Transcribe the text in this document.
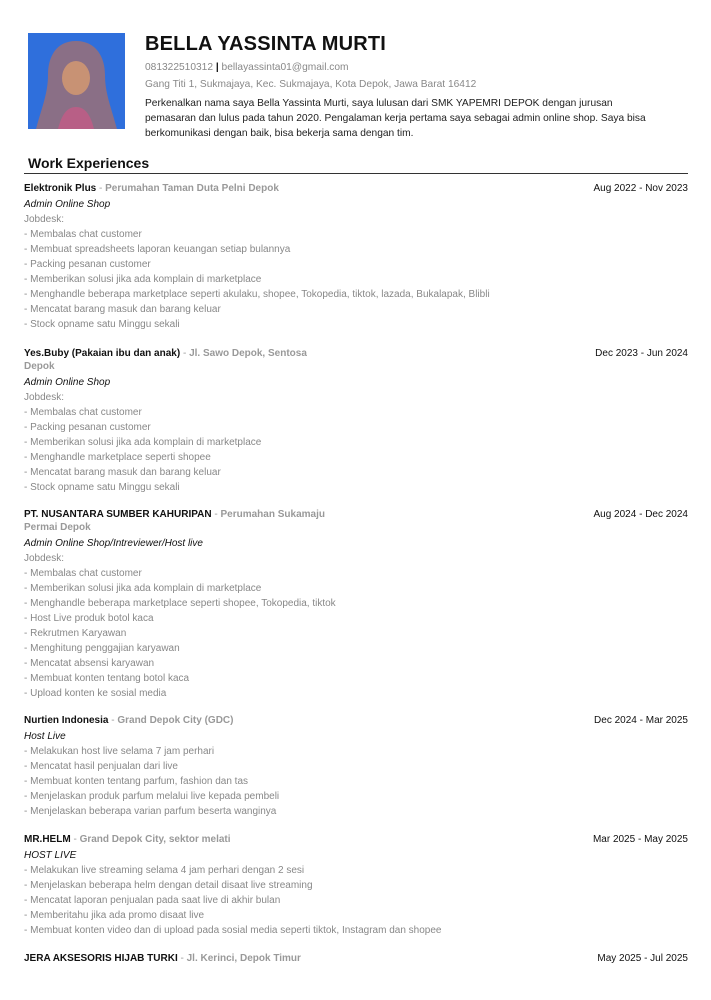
BELLA YASSINTA MURTI
081322510312 | bellayassinta01@gmail.com
Gang Titi 1, Sukmajaya, Kec. Sukmajaya, Kota Depok, Jawa Barat 16412
Perkenalkan nama saya Bella Yassinta Murti, saya lulusan dari SMK YAPEMRI DEPOK dengan jurusan
pemasaran dan lulus pada tahun 2020. Pengalaman kerja pertama saya sebagai admin online shop. Saya bisa
berkomunikasi dengan baik, bisa bekerja sama dengan tim.
Work Experiences
Elektronik Plus - Perumahan Taman Duta Pelni Depok	Aug 2022 - Nov 2023
Admin Online Shop
Jobdesk:
- Membalas chat customer
- Membuat spreadsheets laporan keuangan setiap bulannya
- Packing pesanan customer
- Memberikan solusi jika ada komplain di marketplace
- Menghandle beberapa marketplace seperti akulaku, shopee, Tokopedia, tiktok, lazada, Bukalapak, Blibli
- Mencatat barang masuk dan barang keluar
- Stock opname satu Minggu sekali
Yes.Buby (Pakaian ibu dan anak) - Jl. Sawo Depok, Sentosa
Depok
Dec 2023 - Jun 2024
Admin Online Shop
Jobdesk:
- Membalas chat customer
- Packing pesanan customer
- Memberikan solusi jika ada komplain di marketplace
- Menghandle marketplace seperti shopee
- Mencatat barang masuk dan barang keluar
- Stock opname satu Minggu sekali
PT. NUSANTARA SUMBER KAHURIPAN - Perumahan Sukamaju
Permai Depok
Aug 2024 - Dec 2024
Admin Online Shop/Intreviewer/Host live
Jobdesk:
- Membalas chat customer
- Memberikan solusi jika ada komplain di marketplace
- Menghandle beberapa marketplace seperti shopee, Tokopedia, tiktok
- Host Live produk botol kaca
- Rekrutmen Karyawan
- Menghitung penggajian karyawan
- Mencatat absensi karyawan
- Membuat konten tentang botol kaca
- Upload konten ke sosial media
Nurtien Indonesia - Grand Depok City (GDC)	Dec 2024 - Mar 2025
Host Live
- Melakukan host live selama 7 jam perhari
- Mencatat hasil penjualan dari live
- Membuat konten tentang parfum, fashion dan tas
- Menjelaskan produk parfum melalui live kepada pembeli
- Menjelaskan beberapa varian parfum beserta wanginya
MR.HELM - Grand Depok City, sektor melati	Mar 2025 - May 2025
HOST LIVE
- Melakukan live streaming selama 4 jam perhari dengan 2 sesi
- Menjelaskan beberapa helm dengan detail disaat live streaming
- Mencatat laporan penjualan pada saat live di akhir bulan
- Memberitahu jika ada promo disaat live
- Membuat konten video dan di upload pada sosial media seperti tiktok, Instagram dan shopee
JERA AKSESORIS HIJAB TURKI - Jl. Kerinci, Depok Timur	May 2025 - Jul 2025
